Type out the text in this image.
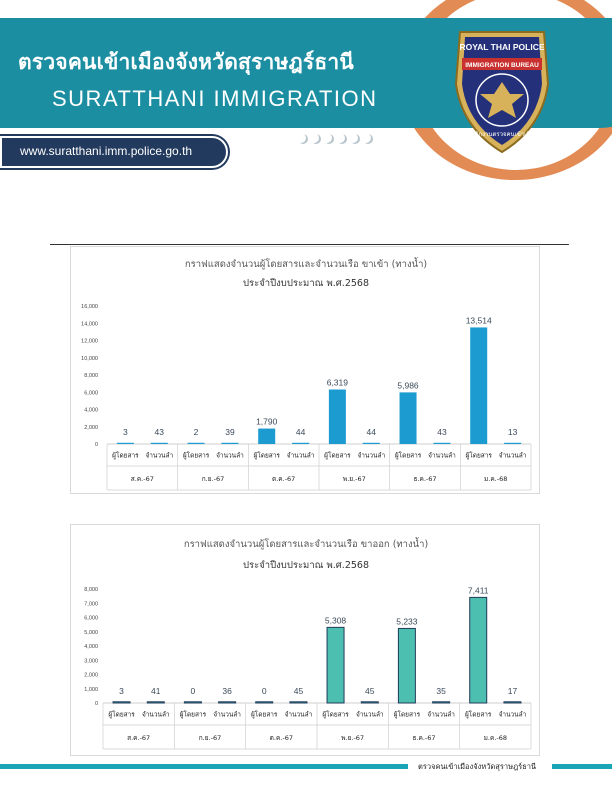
ตรวจคนเข้าเมืองจังหวัดสุราษฎร์ธานี
SURATTHANI IMMIGRATION
www.suratthani.imm.police.go.th
ROYAL THAI POLICE
IMMIGRATION BUREAU
สำนักงานตรวจคนเข้าเมือง
กราฟแสดงจำนวนผู้โดยสารและจำนวนเรือ ขาเข้า (ทางน้ำ)
ประจำปีงบประมาณ พ.ศ.2568
0
2,000
4,000
6,000
8,000
10,000
12,000
14,000
16,000
3
ผู้โดยสาร
43
จำนวนลำ
ส.ค.-67
2
ผู้โดยสาร
39
จำนวนลำ
ก.ย.-67
1,790
ผู้โดยสาร
44
จำนวนลำ
ต.ค.-67
6,319
ผู้โดยสาร
44
จำนวนลำ
พ.ย.-67
5,986
ผู้โดยสาร
43
จำนวนลำ
ธ.ค.-67
13,514
ผู้โดยสาร
13
จำนวนลำ
ม.ค.-68
กราฟแสดงจำนวนผู้โดยสารและจำนวนเรือ ขาออก (ทางน้ำ)
ประจำปีงบประมาณ พ.ศ.2568
0
1,000
2,000
3,000
4,000
5,000
6,000
7,000
8,000
3
ผู้โดยสาร
41
จำนวนลำ
ส.ค.-67
0
ผู้โดยสาร
36
จำนวนลำ
ก.ย.-67
0
ผู้โดยสาร
45
จำนวนลำ
ต.ค.-67
5,308
ผู้โดยสาร
45
จำนวนลำ
พ.ย.-67
5,233
ผู้โดยสาร
35
จำนวนลำ
ธ.ค.-67
7,411
ผู้โดยสาร
17
จำนวนลำ
ม.ค.-68
ตรวจคนเข้าเมืองจังหวัดสุราษฎร์ธานี
